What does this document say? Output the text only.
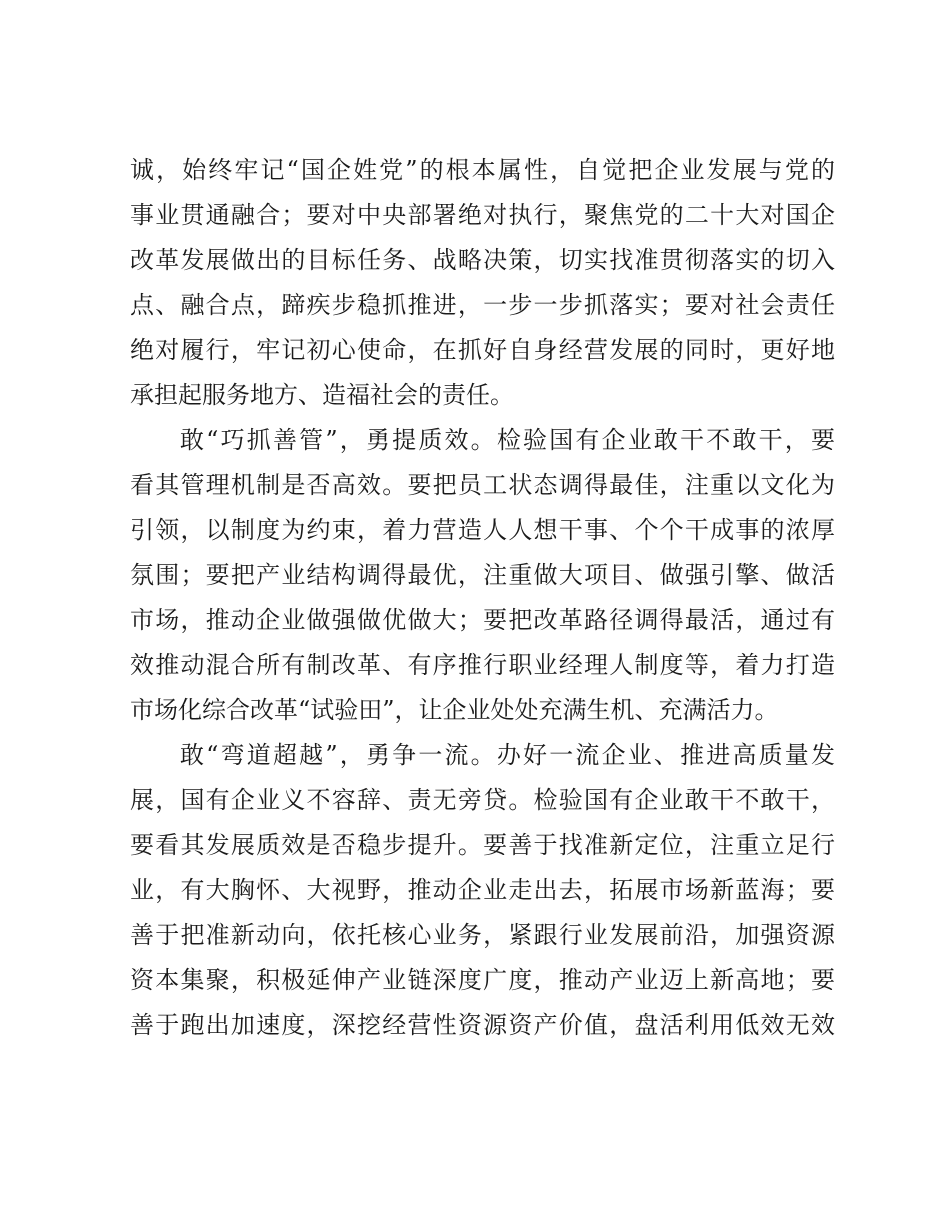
诚，始终牢记“国企姓党”的根本属性，自觉把企业发展与党的
事业贯通融合；要对中央部署绝对执行，聚焦党的二十大对国企
改革发展做出的目标任务、战略决策，切实找准贯彻落实的切入
点、融合点，蹄疾步稳抓推进，一步一步抓落实；要对社会责任
绝对履行，牢记初心使命，在抓好自身经营发展的同时，更好地
承担起服务地方、造福社会的责任。
敢“巧抓善管”，勇提质效。检验国有企业敢干不敢干，要
看其管理机制是否高效。要把员工状态调得最佳，注重以文化为
引领，以制度为约束，着力营造人人想干事、个个干成事的浓厚
氛围；要把产业结构调得最优，注重做大项目、做强引擎、做活
市场，推动企业做强做优做大；要把改革路径调得最活，通过有
效推动混合所有制改革、有序推行职业经理人制度等，着力打造
市场化综合改革“试验田”，让企业处处充满生机、充满活力。
敢“弯道超越”，勇争一流。办好一流企业、推进高质量发
展，国有企业义不容辞、责无旁贷。检验国有企业敢干不敢干，
要看其发展质效是否稳步提升。要善于找准新定位，注重立足行
业，有大胸怀、大视野，推动企业走出去，拓展市场新蓝海；要
善于把准新动向，依托核心业务，紧跟行业发展前沿，加强资源
资本集聚，积极延伸产业链深度广度，推动产业迈上新高地；要
善于跑出加速度，深挖经营性资源资产价值，盘活利用低效无效
